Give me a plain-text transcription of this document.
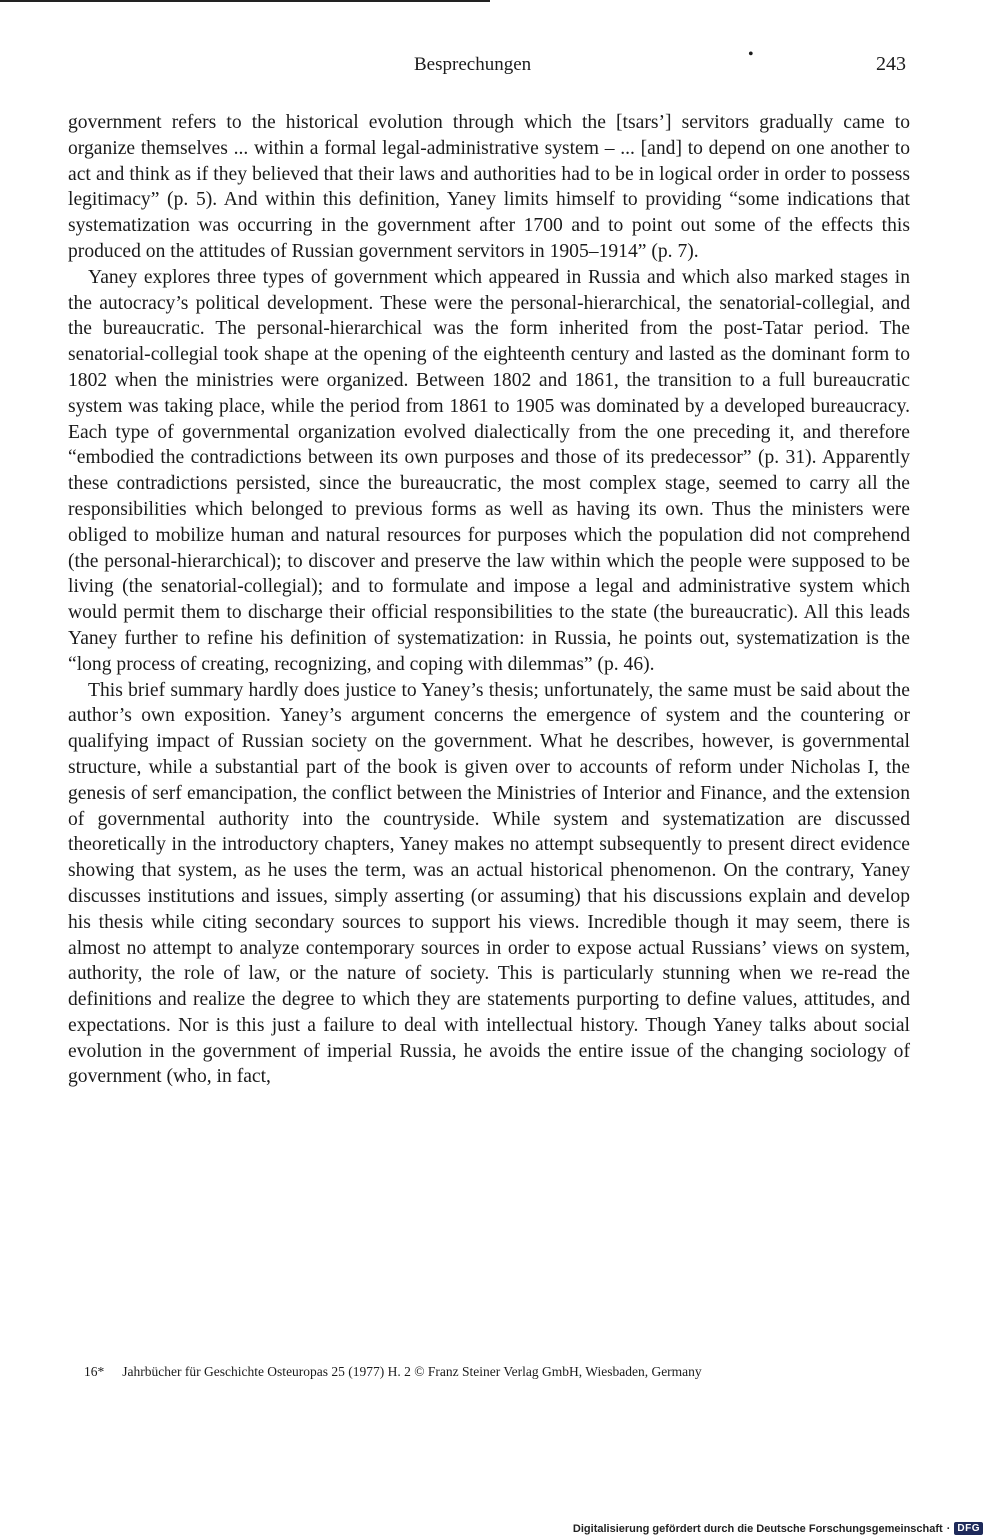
Besprechungen	•	243

government refers to the historical evolution through which the [tsars’] servitors gradually came to organize themselves ... within a formal legal-administrative system – ... [and] to depend on one another to act and think as if they believed that their laws and authorities had to be in logical order in order to possess legitimacy” (p. 5). And within this definition, Yaney limits himself to providing “some indications that systematization was occurring in the government after 1700 and to point out some of the effects this produced on the attitudes of Russian government servitors in 1905–1914” (p. 7).

Yaney explores three types of government which appeared in Russia and which also marked stages in the autocracy’s political development. These were the personal-hierarchical, the senatorial-collegial, and the bureaucratic. The personal-hierarchical was the form inherited from the post-Tatar period. The senatorial-collegial took shape at the opening of the eighteenth century and lasted as the dominant form to 1802 when the ministries were organized. Between 1802 and 1861, the transition to a full bureaucratic system was taking place, while the period from 1861 to 1905 was dominated by a developed bureaucracy. Each type of governmental organization evolved dialectically from the one preceding it, and therefore “embodied the contradictions between its own purposes and those of its predecessor” (p. 31). Apparently these contradictions persisted, since the bureaucratic, the most complex stage, seemed to carry all the responsibilities which belonged to previous forms as well as having its own. Thus the ministers were obliged to mobilize human and natural resources for purposes which the population did not comprehend (the personal-hierarchical); to discover and preserve the law within which the people were supposed to be living (the senatorial-collegial); and to formulate and impose a legal and administrative system which would permit them to discharge their official responsibilities to the state (the bureaucratic). All this leads Yaney further to refine his definition of systematization: in Russia, he points out, systematization is the “long process of creating, recognizing, and coping with dilemmas” (p. 46).

This brief summary hardly does justice to Yaney’s thesis; unfortunately, the same must be said about the author’s own exposition. Yaney’s argument concerns the emergence of system and the countering or qualifying impact of Russian society on the government. What he describes, however, is governmental structure, while a substantial part of the book is given over to accounts of reform under Nicholas I, the genesis of serf emancipation, the conflict between the Ministries of Interior and Finance, and the extension of governmental authority into the countryside. While system and systematization are discussed theoretically in the introductory chapters, Yaney makes no attempt subsequently to present direct evidence showing that system, as he uses the term, was an actual historical phenomenon. On the contrary, Yaney discusses institutions and issues, simply asserting (or assuming) that his discussions explain and develop his thesis while citing secondary sources to support his views. Incredible though it may seem, there is almost no attempt to analyze contemporary sources in order to expose actual Russians’ views on system, authority, the role of law, or the nature of society. This is particularly stunning when we re-read the definitions and realize the degree to which they are statements purporting to define values, attitudes, and expectations. Nor is this just a failure to deal with intellectual history. Though Yaney talks about social evolution in the government of imperial Russia, he avoids the entire issue of the changing sociology of government (who, in fact,

16* Jahrbücher für Geschichte Osteuropas 25 (1977) H. 2 © Franz Steiner Verlag GmbH, Wiesbaden, Germany
Digitalisierung gefördert durch die Deutsche Forschungsgemeinschaft · DFG
